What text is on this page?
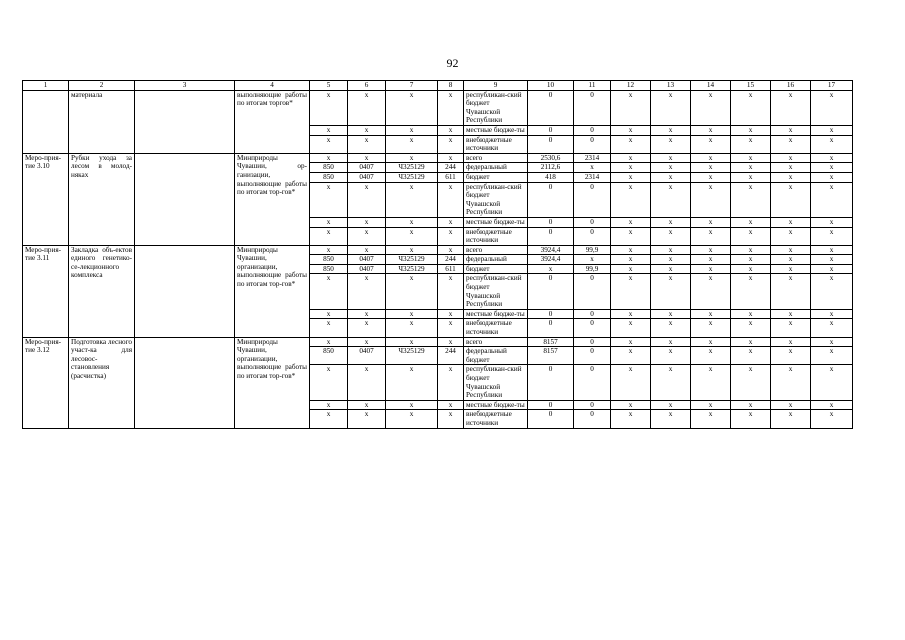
92
1	2	3	4	5	6	7	8	9	10	11	12	13	14	15	16	17
	материала		выполняющие работы по итогам торгов*	х	х	х	х	республикан-ский бюджет Чувашской Республики	0	0	х	х	х	х	х	х
				х	х	х	х	местные бюдже-ты	0	0	х	х	х	х	х	х
				х	х	х	х	внебюджетные источники	0	0	х	х	х	х	х	х
Меро-прия-тие 3.10	Рубки ухода за лесом в молод-няках		Минприроды Чувашии, ор-ганизации, выполняющие работы по итогам тор-гов*	х	х	х	х	всего	2530,6	2314	х	х	х	х	х	х
				850	0407	Ч325129	244	федеральный	2112,6	х	х	х	х	х	х	х
				850	0407	Ч325129	611	бюджет	418	2314	х	х	х	х	х	х
				х	х	х	х	республикан-ский бюджет Чувашской Республики	0	0	х	х	х	х	х	х
				х	х	х	х	местные бюдже-ты	0	0	х	х	х	х	х	х
				х	х	х	х	внебюджетные источники	0	0	х	х	х	х	х	х
Меро-прия-тие 3.11	Закладка объ-ектов единого генетико-се-лекционного комплекса		Минприроды Чувашии, организации, выполняющие работы по итогам тор-гов*	х	х	х	х	всего	3924,4	99,9	х	х	х	х	х	х
				850	0407	Ч325129	244	федеральный	3924,4	х	х	х	х	х	х	х
				850	0407	Ч325129	611	бюджет	х	99,9	х	х	х	х	х	х
				х	х	х	х	республикан-ский бюджет Чувашской Республики	0	0	х	х	х	х	х	х
				х	х	х	х	местные бюдже-ты	0	0	х	х	х	х	х	х
				х	х	х	х	внебюджетные источники	0	0	х	х	х	х	х	х
Меро-прия-тие 3.12	Подготовка лесного участ-ка для лесовос-становления (расчистка)		Минприроды Чувашии, организации, выполняющие работы по итогам тор-гов*	х	х	х	х	всего	8157	0	х	х	х	х	х	х
				850	0407	Ч325129	244	федеральный бюджет	8157	0	х	х	х	х	х	х
				х	х	х	х	республикан-ский бюджет Чувашской Республики	0	0	х	х	х	х	х	х
				х	х	х	х	местные бюдже-ты	0	0	х	х	х	х	х	х
				х	х	х	х	внебюджетные источники	0	0	х	х	х	х	х	х
